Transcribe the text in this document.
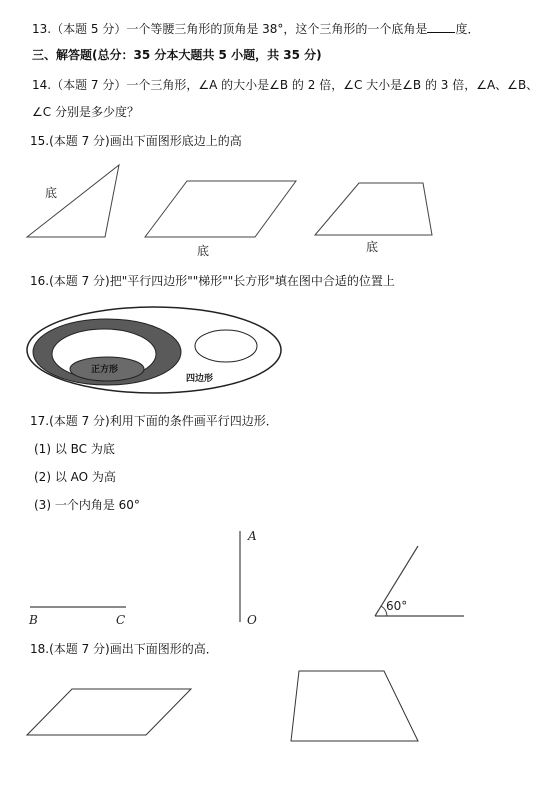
13.（本题 5 分）一个等腰三角形的顶角是 38°，这个三角形的一个底角是 度．
三、解答题(总分：35 分本大题共 5 小题，共 35 分)
14.（本题 7 分）一个三角形，∠A 的大小是∠B 的 2 倍，∠C 大小是∠B 的 3 倍，∠A、∠B、
∠C 分别是多少度？
15.(本题 7 分)画出下面图形底边上的高
16.(本题 7 分)把"平行四边形""梯形""长方形"填在图中合适的位置上
17.(本题 7 分)利用下面的条件画平行四边形．
(1) 以 BC 为底
(2) 以 AO 为高
(3) 一个内角是 60°
18.(本题 7 分)画出下面图形的高．
底
底	底
正方形
四边形
B	C
A
O
60°
